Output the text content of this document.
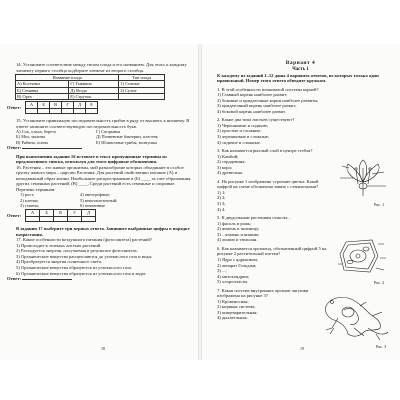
14. Установите соответствие между типом плода и его названием. Для этого к каждому элементу первого столбца подберите элемент из второго столбца.

Название плода		Тип плода
А) Костянка	Г) Тыквина	1) Сочные
Б) Семянка	Д) Ягода	2) Сухие
В) Орех	Е) Стручок	
Ответ:
А	Б	В	Г	Д	Е

15. Установите правильную последовательность грибов в ряду от высшего к низшему. В ответе запишите соответствующую последовательность букв.

А) Сок, ольха, береза	Г) Спорынья
Б) Мох, малина	Д) Почвенные бактерии, плесень
В) Рябина, осина	Е) Шляпочные грибы, волнушка

Ответ:

При выполнении задания 16 вставьте в текст пропущенные термины из предложенного списка, используя для этого цифровые обозначения.

16. Растения – это живые организмы, мой разнообразие которых объединяет в особое группу живого мира – царство Растения. Для растений свойственно питание (А) и неподвижный образ жизни. Наибольшее распространение в (Б) ____ за счет образования других семенных растений, (В) ____, Среди растений есть семенные и споровые.

Перечень терминов:

1) рост;	4) автотрофные;
2) клетки;	5) многоклеточный;
3) семена;	6) почвенные
Ответ:
А	Б	В	Г	Д

В задании 17 выберите три верных ответа. Запишите выбранные цифры в порядке возрастания.

17. Какие особенности воздушного питания (фотосинтеза) растений?

1) Происходит в зеленых листьях растений.

2) Расходуется энергия, получаемая в результате фотосинтеза.

3) Органические вещества расщепляются до углекислого газа и воды.

4) Преобразуется энергия солнечного света.

5) Органические вещества образуются из углекислого газа.

6) Органические вещества образуются из углекислого газа и воды.

Ответ:

18

Вариант 4

Часть 1

К каждому из заданий 1–12 даны 4 варианта ответов, из которых только один правильный. Номер этого ответа обведите кружком.

1. В этой особенности мочковатой системы корней?

1) Главный корень наиболее развит;

2) боковые и придаточные корни наиболее развиты;

3) придаточный корень наиболее развит;

4) боковой корень наиболее развит.

2. Какие два типа листьев существуют?

1) Черешковые и сидячие;

2) простые и сложные;

3) черешковые и сложные;

4) сидячие и сложные.

3. Как называется рыхлый слой в центре стебля?

1) Камбий;

2) сердцевина;

3) кора;

4) древесина.

4. На рисунке 1 изображено строение цветка. Какой цифрой на схеме обозначена завязь с семяпочками?

1) 1;

2) 2;

3) 3;

4) 4.

5. К двудольным растениям относят...

1) фасоль и рожь;

2) ячмень и пшеницу;

3) ...ячмень и вишню;

4) лилию и тюльпан.

6. Как называется органоид, обозначенный цифрой 5 на рисунке 2 растительной клетки?

1) Ядро с ядрышком;

2) аппарат Гольджи;

3) ...;

4) митохондрии;

5) хлоропласты.

7. Какая система внутренних органов лягушки изображена на рисунке 3?

1) Кровеносная;

2) нервная система;

3) пищеварительная;

4) дыхательная.

Рис. 1
Рис. 2
Рис. 3
19
